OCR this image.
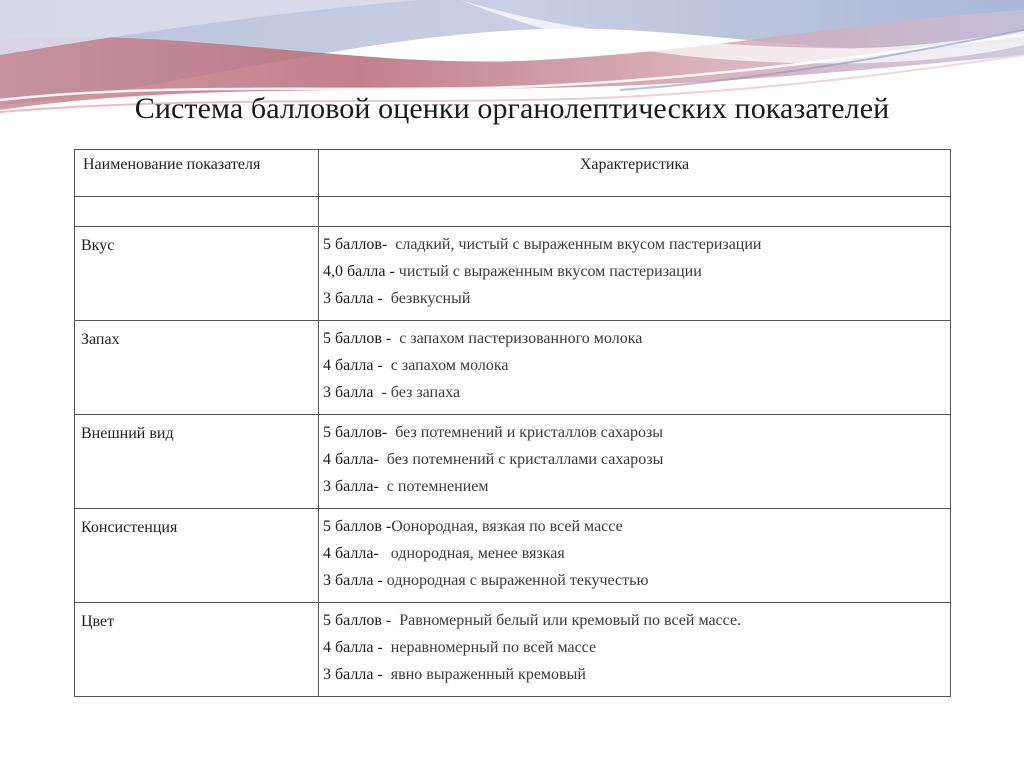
Система балловой оценки органолептических показателей
Наименование показателя	Характеристика

Вкус	5 баллов- сладкий, чистый с выраженным вкусом пастеризации
4,0 балла - чистый с выраженным вкусом пастеризации
3 балла - безвкусный

Запах	5 баллов - с запахом пастеризованного молока
4 балла - с запахом молока
3 балла - без запаха

Внешний вид	5 баллов- без потемнений и кристаллов сахарозы
4 балла- без потемнений с кристаллами сахарозы
3 балла- с потемнением

Консистенция	5 баллов -Оонородная, вязкая по всей массе
4 балла- однородная, менее вязкая
3 балла - однородная с выраженной текучестью

Цвет	5 баллов - Равномерный белый или кремовый по всей массе.
4 балла - неравномерный по всей массе
3 балла - явно выраженный кремовый
